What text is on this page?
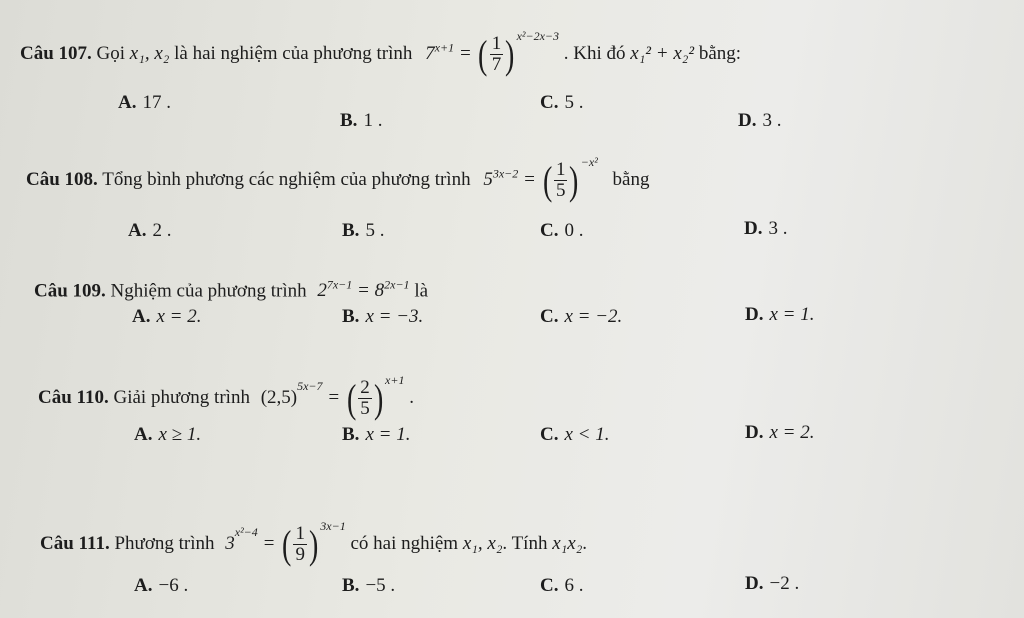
Câu 107. Gọi x₁, x₂ là hai nghiệm của phương trình $7^{x+1}$ = ( $\frac{1}{7}$ ) $^{x^2-2x-3}$ . Khi đó x₁² + x₂² bằng:
A. 17 .
B. 1 .
C. 5 .
D. 3 .
Câu 108. Tổng bình phương các nghiệm của phương trình $5^{3x-2}$ = ( $\frac{1}{5}$ ) $^{-x^2}$ bằng
A. 2 .	B. 5 .	C. 0 .	D. 3 .
Câu 109. Nghiệm của phương trình $2^{7x-1} = 8^{2x-1}$ là
A. x = 2.	B. x = −3.	C. x = −2.	D. x = 1.
Câu 110. Giải phương trình $(2,5)^{5x-7}$ = ( $\frac{2}{5}$ ) $^{x+1}$ .
A. x ≥ 1.	B. x = 1.	C. x < 1.	D. x = 2.
Câu 111. Phương trình $3^{x^2-4}$ = ( $\frac{1}{9}$ ) $^{3x-1}$ có hai nghiệm x₁, x₂. Tính x₁x₂.
A. −6 .	B. −5 .	C. 6 .	D. −2 .
